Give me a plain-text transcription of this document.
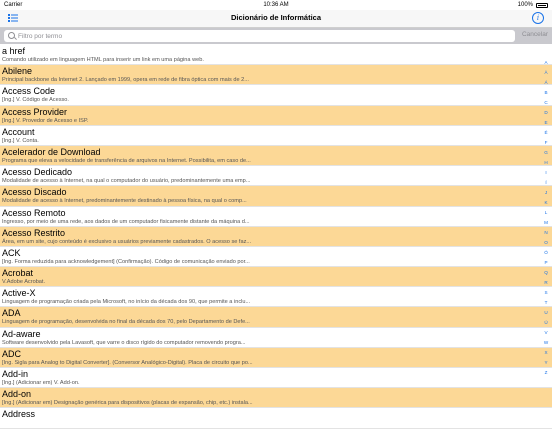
Carrier	10:36 AM	100%
Dicionário de Informática	i
Filtro por termo
Cancelar
a href
Comando utilizado em linguagem HTML para inserir um link em uma página web.
Abilene
Principal backbone da Internet 2. Lançado em 1999, opera em rede de fibra óptica com mais de 2...
Access Code
[Ing.] V. Código de Acesso.
Access Provider
[Ing.] V. Provedor de Acesso e ISP.
Account
[Ing.] V. Conta.
Acelerador de Download
Programa que eleva a velocidade de transferência de arquivos na Internet. Possibilita, em caso de...
Acesso Dedicado
Modalidade de acesso à Internet, na qual o computador do usuário, predominantemente uma emp...
Acesso Discado
Modalidade de acesso à Internet, predominantemente destinado à pessoa física, na qual o comp...
Acesso Remoto
Ingresso, por meio de uma rede, aos dados de um computador fisicamente distante da máquina d...
Acesso Restrito
Área, em um site, cujo conteúdo é exclusivo a usuários previamente cadastrados. O acesso se faz...
ACK
[Ing. Forma reduzida para acknowledgement] (Confirmação). Código de comunicação enviado por...
Acrobat
V.Adobe Acrobat.
Active-X
Linguagem de programação criada pela Microsoft, no início da década dos 90, que permite a inclu...
ADA
Linguagem de programação, desenvolvida no final da década dos 70, pelo Departamento de Defe...
Ad-aware
Software desenvolvido pela Lavasoft, que varre o disco rígido do computador removendo progra...
ADC
[Ing. Sigla para Analog to Digital Converter]. (Conversor Analógico-Digital). Placa de circuito que po...
Add-in
[Ing.] (Adicionar em) V. Add-on.
Add-on
[Ing.] (Adicionar em) Designação genérica para dispositivos (placas de expansão, chip, etc.) instala...
Address
A
À
Á
B
C
D
E
É
F
G
H
I
Í
J
K
L
M
N
O
Ó
P
Q
R
S
T
U
Ú
V
W
X
Y
Z
